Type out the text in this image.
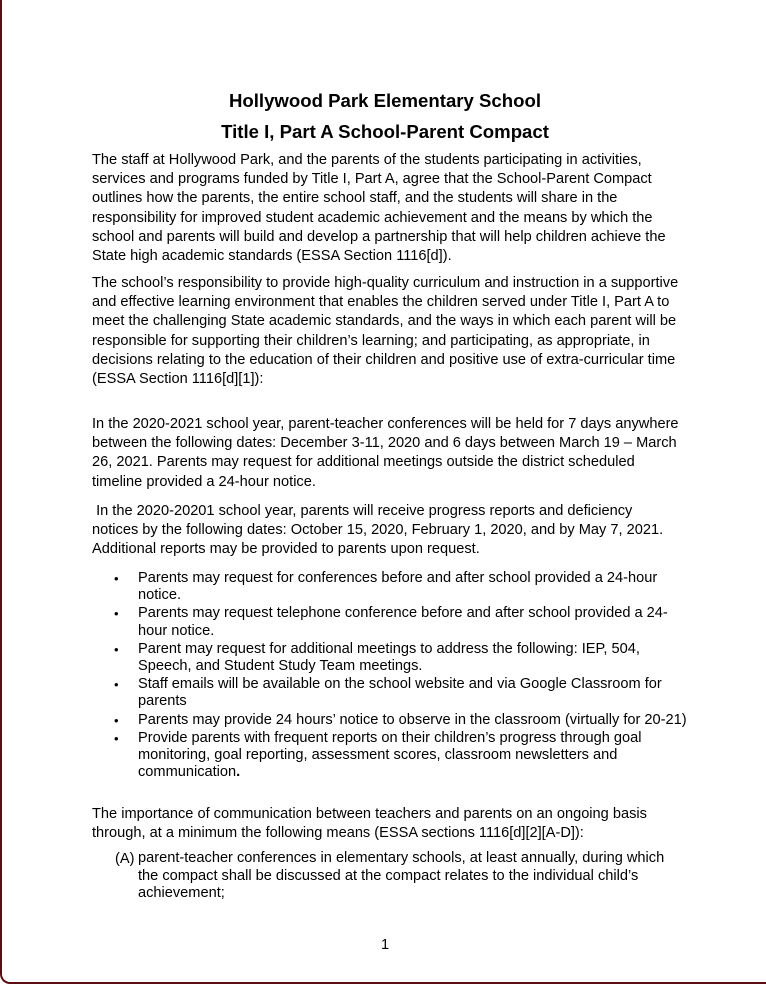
Hollywood Park Elementary School
Title I, Part A School-Parent Compact

The staff at Hollywood Park, and the parents of the students participating in activities, services and programs funded by Title I, Part A, agree that the School-Parent Compact outlines how the parents, the entire school staff, and the students will share in the responsibility for improved student academic achievement and the means by which the school and parents will build and develop a partnership that will help children achieve the State high academic standards (ESSA Section 1116[d]).

The school’s responsibility to provide high-quality curriculum and instruction in a supportive and effective learning environment that enables the children served under Title I, Part A to meet the challenging State academic standards, and the ways in which each parent will be responsible for supporting their children’s learning; and participating, as appropriate, in decisions relating to the education of their children and positive use of extra-curricular time (ESSA Section 1116[d][1]):

In the 2020-2021 school year, parent-teacher conferences will be held for 7 days anywhere between the following dates: December 3-11, 2020 and 6 days between March 19 – March 26, 2021. Parents may request for additional meetings outside the district scheduled timeline provided a 24-hour notice.

In the 2020-20201 school year, parents will receive progress reports and deficiency notices by the following dates: October 15, 2020, February 1, 2020, and by May 7, 2021. Additional reports may be provided to parents upon request.

• Parents may request for conferences before and after school provided a 24-hour notice.
• Parents may request telephone conference before and after school provided a 24-hour notice.
• Parent may request for additional meetings to address the following: IEP, 504, Speech, and Student Study Team meetings.
• Staff emails will be available on the school website and via Google Classroom for parents
• Parents may provide 24 hours’ notice to observe in the classroom (virtually for 20-21)
• Provide parents with frequent reports on their children’s progress through goal monitoring, goal reporting, assessment scores, classroom newsletters and communication.

The importance of communication between teachers and parents on an ongoing basis through, at a minimum the following means (ESSA sections 1116[d][2][A-D]):

(A) parent-teacher conferences in elementary schools, at least annually, during which the compact shall be discussed at the compact relates to the individual child’s achievement;
1
